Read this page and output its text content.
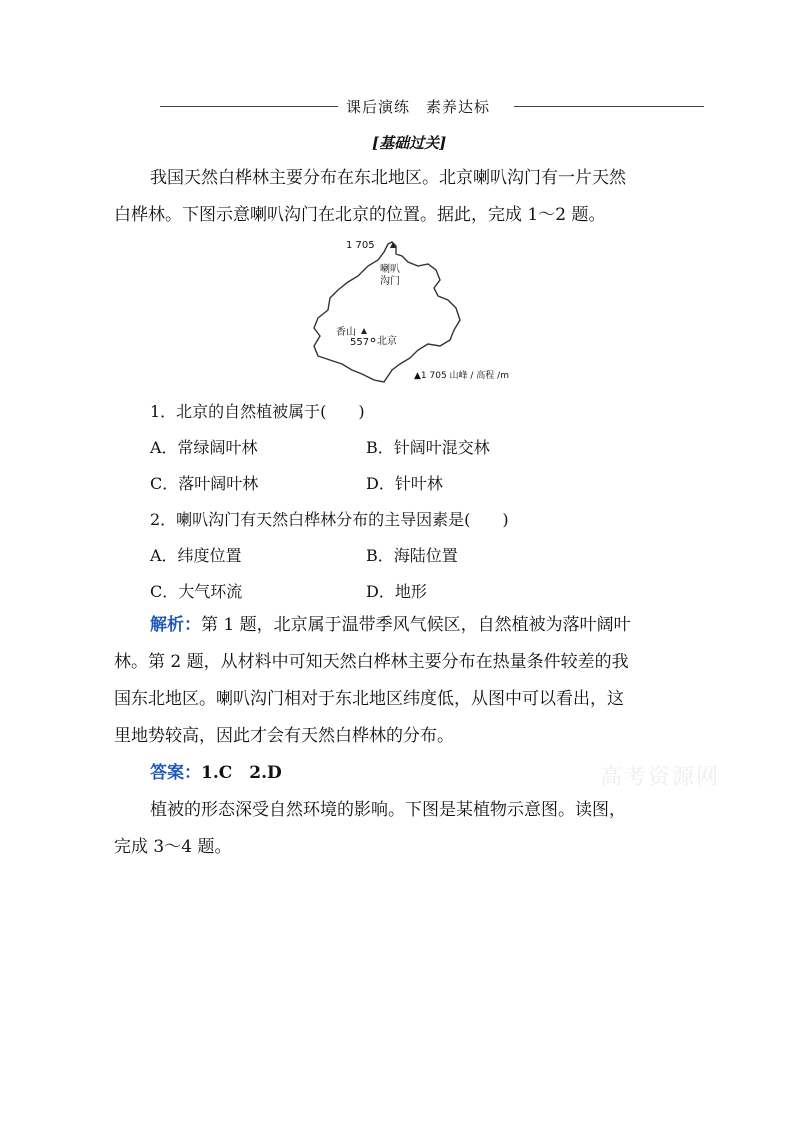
课后演练　素养达标
[基础过关]
我国天然白桦林主要分布在东北地区。北京喇叭沟门有一片天然
白桦林。下图示意喇叭沟门在北京的位置。据此，完成 1～2 题。
1 705
喇叭
沟门
香山
557 北京
▲1 705 山峰 / 高程 /m
1．北京的自然植被属于(　　)
A．常绿阔叶林	B．针阔叶混交林
C．落叶阔叶林	D．针叶林
2．喇叭沟门有天然白桦林分布的主导因素是(　　)
A．纬度位置	B．海陆位置
C．大气环流	D．地形
解析：第 1 题，北京属于温带季风气候区，自然植被为落叶阔叶
林。第 2 题，从材料中可知天然白桦林主要分布在热量条件较差的我
国东北地区。喇叭沟门相对于东北地区纬度低，从图中可以看出，这
里地势较高，因此才会有天然白桦林的分布。
答案：1.C　2.D	高考资源网
植被的形态深受自然环境的影响。下图是某植物示意图。读图，
完成 3～4 题。
